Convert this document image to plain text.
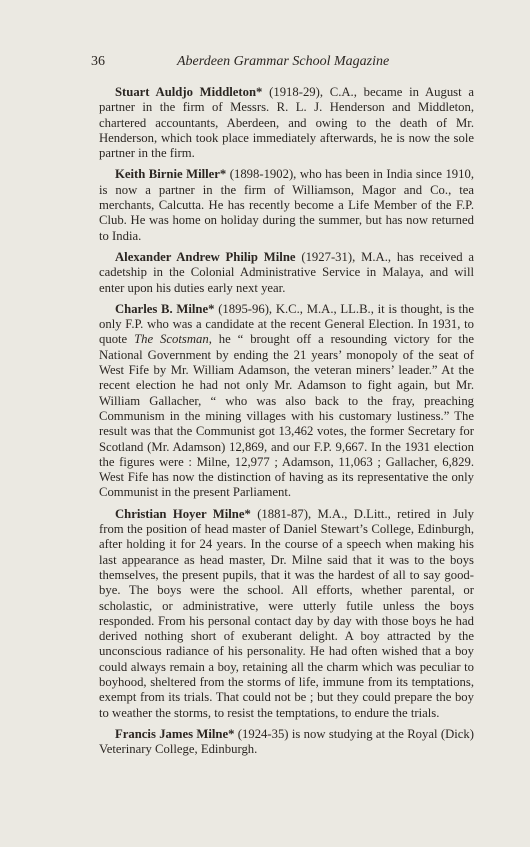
36	Aberdeen Grammar School Magazine

Stuart Auldjo Middleton* (1918-29), C.A., became in August a partner in the firm of Messrs. R. L. J. Henderson and Middleton, chartered accountants, Aberdeen, and owing to the death of Mr. Henderson, which took place immediately afterwards, he is now the sole partner in the firm.

Keith Birnie Miller* (1898-1902), who has been in India since 1910, is now a partner in the firm of Williamson, Magor and Co., tea merchants, Calcutta. He has recently become a Life Member of the F.P. Club. He was home on holiday during the summer, but has now returned to India.

Alexander Andrew Philip Milne (1927-31), M.A., has received a cadetship in the Colonial Administrative Service in Malaya, and will enter upon his duties early next year.

Charles B. Milne* (1895-96), K.C., M.A., LL.B., it is thought, is the only F.P. who was a candidate at the recent General Election. In 1931, to quote The Scotsman, he “ brought off a resounding victory for the National Government by ending the 21 years’ monopoly of the seat of West Fife by Mr. William Adamson, the veteran miners’ leader.” At the recent election he had not only Mr. Adamson to fight again, but Mr. William Gallacher, “ who was also back to the fray, preaching Communism in the mining villages with his customary lustiness.” The result was that the Communist got 13,462 votes, the former Secretary for Scotland (Mr. Adamson) 12,869, and our F.P. 9,667. In the 1931 election the figures were : Milne, 12,977 ; Adamson, 11,063 ; Gallacher, 6,829. West Fife has now the distinction of having as its representative the only Communist in the present Parliament.

Christian Hoyer Milne* (1881-87), M.A., D.Litt., retired in July from the position of head master of Daniel Stewart’s College, Edinburgh, after holding it for 24 years. In the course of a speech when making his last appearance as head master, Dr. Milne said that it was to the boys themselves, the present pupils, that it was the hardest of all to say good-bye. The boys were the school. All efforts, whether parental, or scholastic, or administrative, were utterly futile unless the boys responded. From his personal contact day by day with those boys he had derived nothing short of exuberant delight. A boy attracted by the unconscious radiance of his personality. He had often wished that a boy could always remain a boy, retaining all the charm which was peculiar to boyhood, sheltered from the storms of life, immune from its temptations, exempt from its trials. That could not be ; but they could prepare the boy to weather the storms, to resist the temptations, to endure the trials.

Francis James Milne* (1924-35) is now studying at the Royal (Dick) Veterinary College, Edinburgh.
